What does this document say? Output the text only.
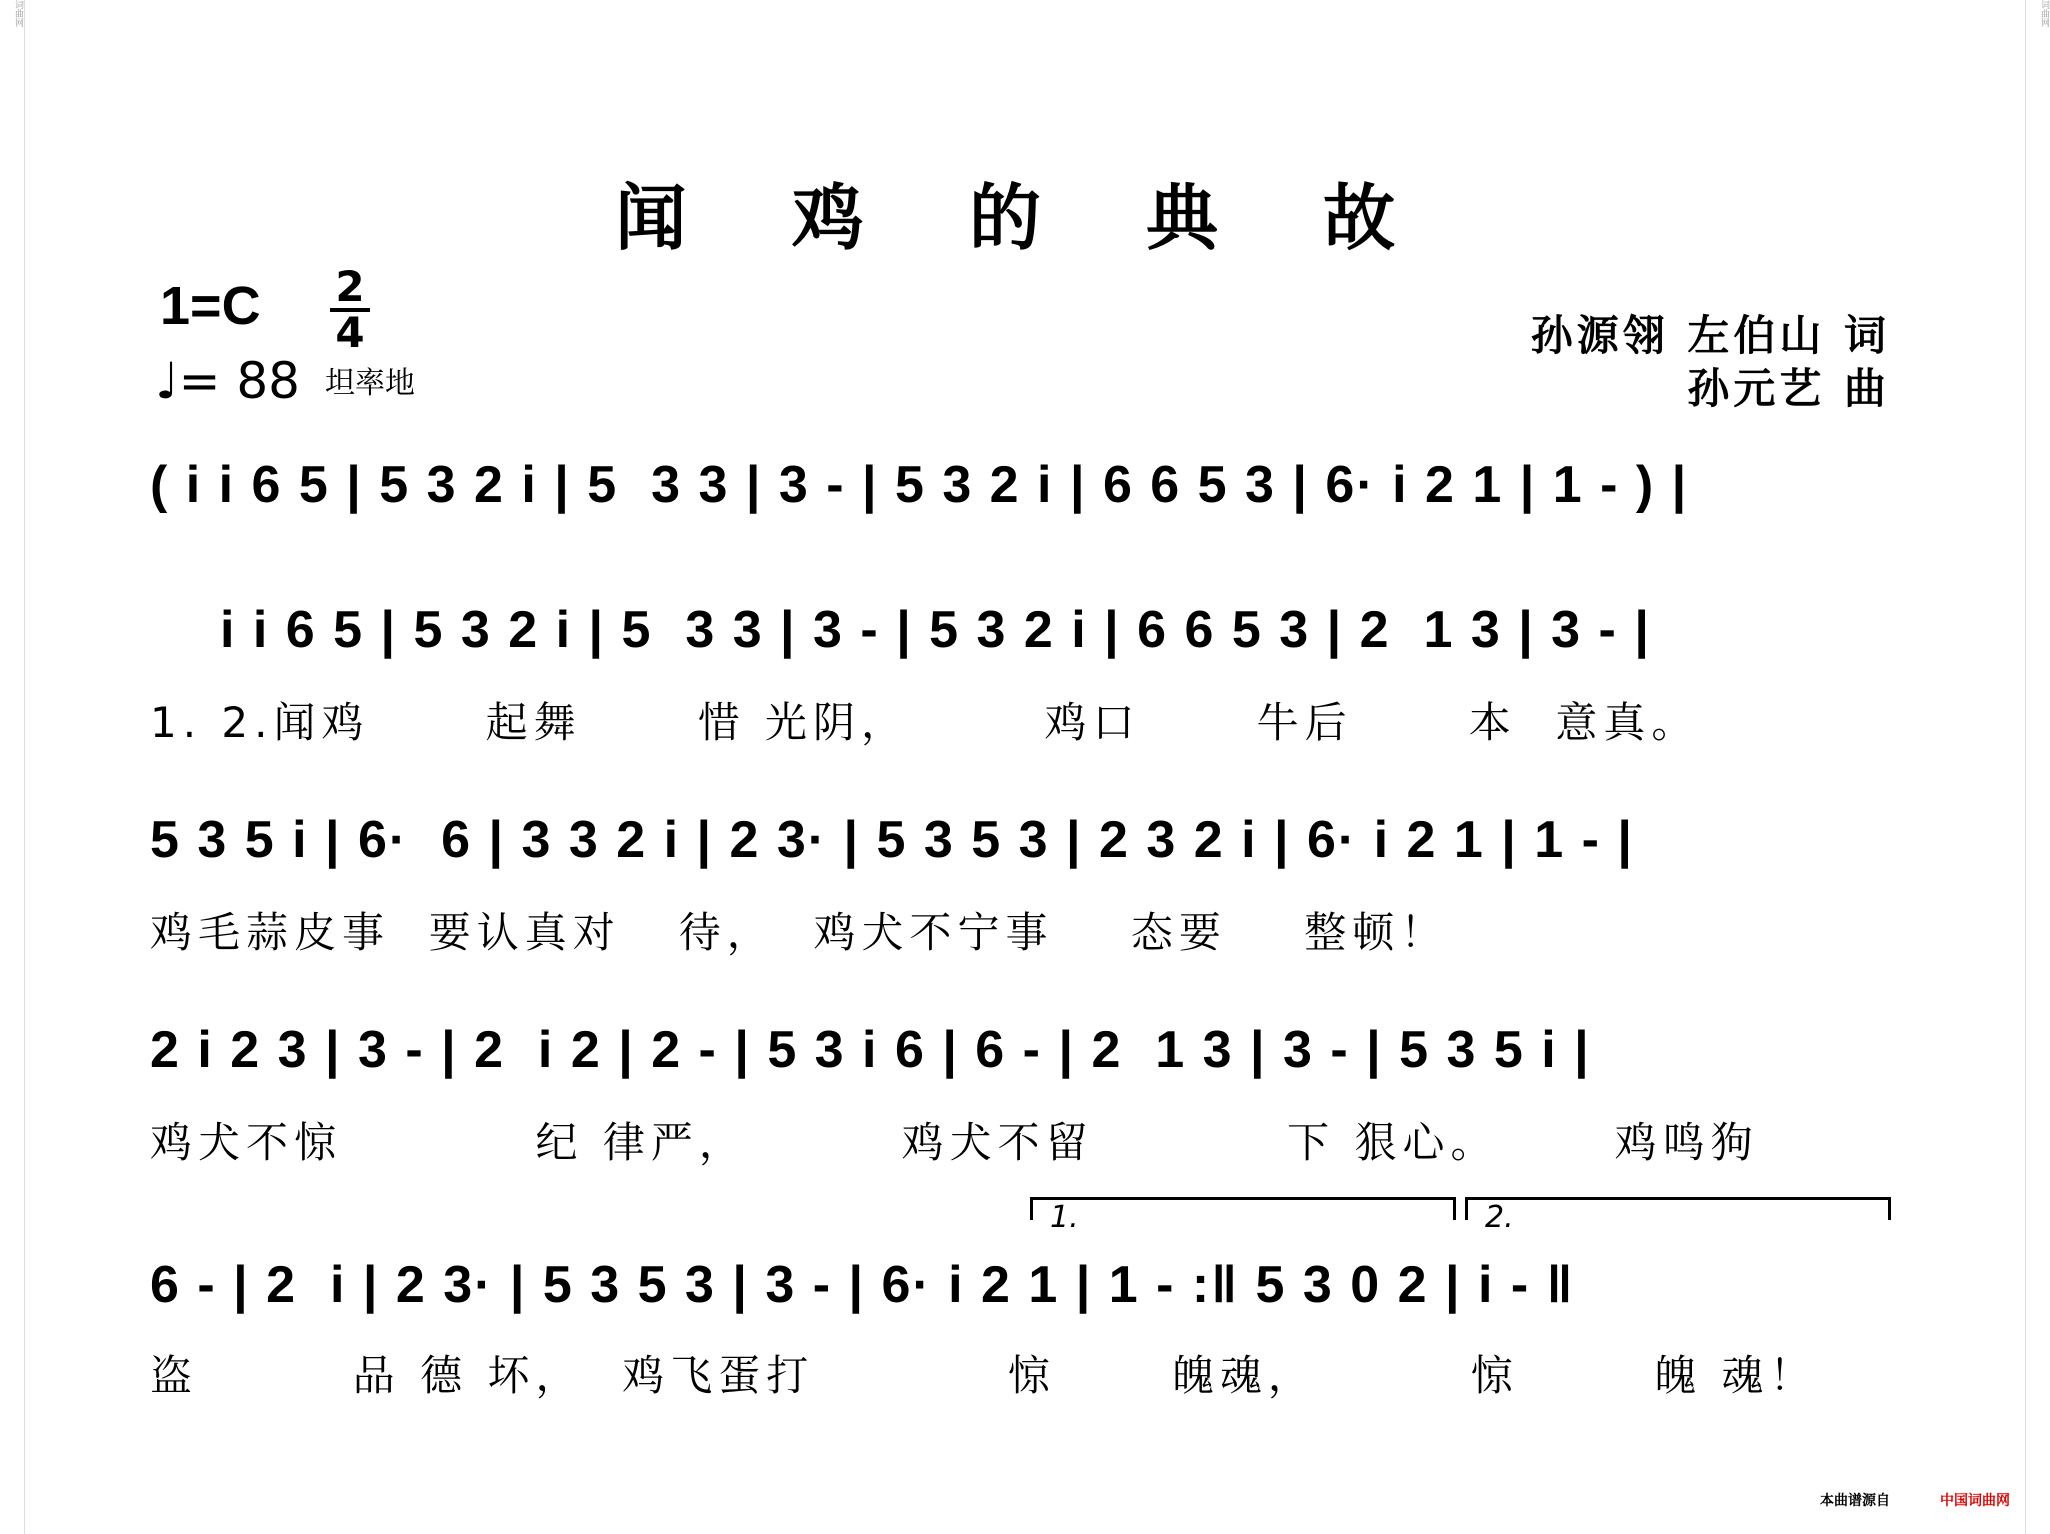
词曲网	词曲网
闻 鸡 的 典 故
1=C 2
4
♩= 88 坦率地
孙源翎 左伯山 词
孙元艺 曲
( i i 6 5 | 5 3 2 i | 5  3 3 | 3 - | 5 3 2 i | 6 6 5 3 | 6· i 2 1 | 1 - ) |
i i 6 5 | 5 3 2 i | 5  3 3 | 3 - | 5 3 2 i | 6 6 5 3 | 2  1 3 | 3 - |
1. 2.闻鸡      起舞      惜 光阴，       鸡口      牛后      本  意真。
5 3 5 i | 6·  6 | 3 3 2 i | 2 3· | 5 3 5 3 | 2 3 2 i | 6· i 2 1 | 1 - |
鸡毛蒜皮事  要认真对   待，  鸡犬不宁事    态要    整顿！
2 i 2 3 | 3 - | 2  i 2 | 2 - | 5 3 i 6 | 6 - | 2  1 3 | 3 - | 5 3 5 i |
鸡犬不惊          纪 律严，        鸡犬不留          下 狠心。      鸡鸣狗
6 - | 2  i | 2 3· | 5 3 5 3 | 3 - | 6· i 2 1 | 1 - :‖ 5 3 0 2 | i - ‖
盗        品 德 坏，  鸡飞蛋打          惊      魄魂，        惊       魄 魂！
1.	2.
本曲谱源自	中国词曲网
